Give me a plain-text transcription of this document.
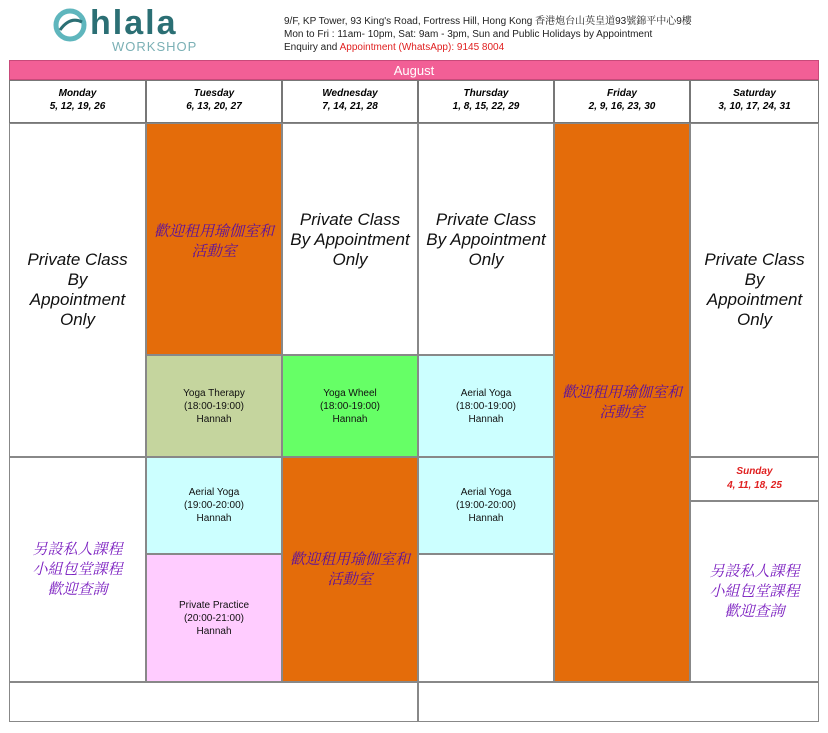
hlala
WORKSHOP
9/F, KP Tower, 93 King's Road, Fortress Hill, Hong Kong 香港炮台山英皇道93號錦平中心9樓
Mon to Fri : 11am- 10pm, Sat: 9am - 3pm, Sun and Public Holidays by Appointment
Enquiry and Appointment (WhatsApp): 9145 8004
August
Monday
5, 12, 19, 26
Tuesday
6, 13, 20, 27
Wednesday
7, 14, 21, 28
Thursday
1, 8, 15, 22, 29
Friday
2, 9, 16, 23, 30
Saturday
3, 10, 17, 24, 31
Private Class
By
Appointment
Only
另設私人課程
小組包堂課程
歡迎查詢
歡迎租用瑜伽室和
活動室
Yoga Therapy
(18:00-19:00)
Hannah
Aerial Yoga
(19:00-20:00)
Hannah
Private Practice
(20:00-21:00)
Hannah
Private Class
By Appointment
Only
Yoga Wheel
(18:00-19:00)
Hannah
歡迎租用瑜伽室和
活動室
Private Class
By Appointment
Only
Aerial Yoga
(18:00-19:00)
Hannah
Aerial Yoga
(19:00-20:00)
Hannah
歡迎租用瑜伽室和
活動室
Private Class
By
Appointment
Only
Sunday
4, 11, 18, 25
另設私人課程
小組包堂課程
歡迎查詢
